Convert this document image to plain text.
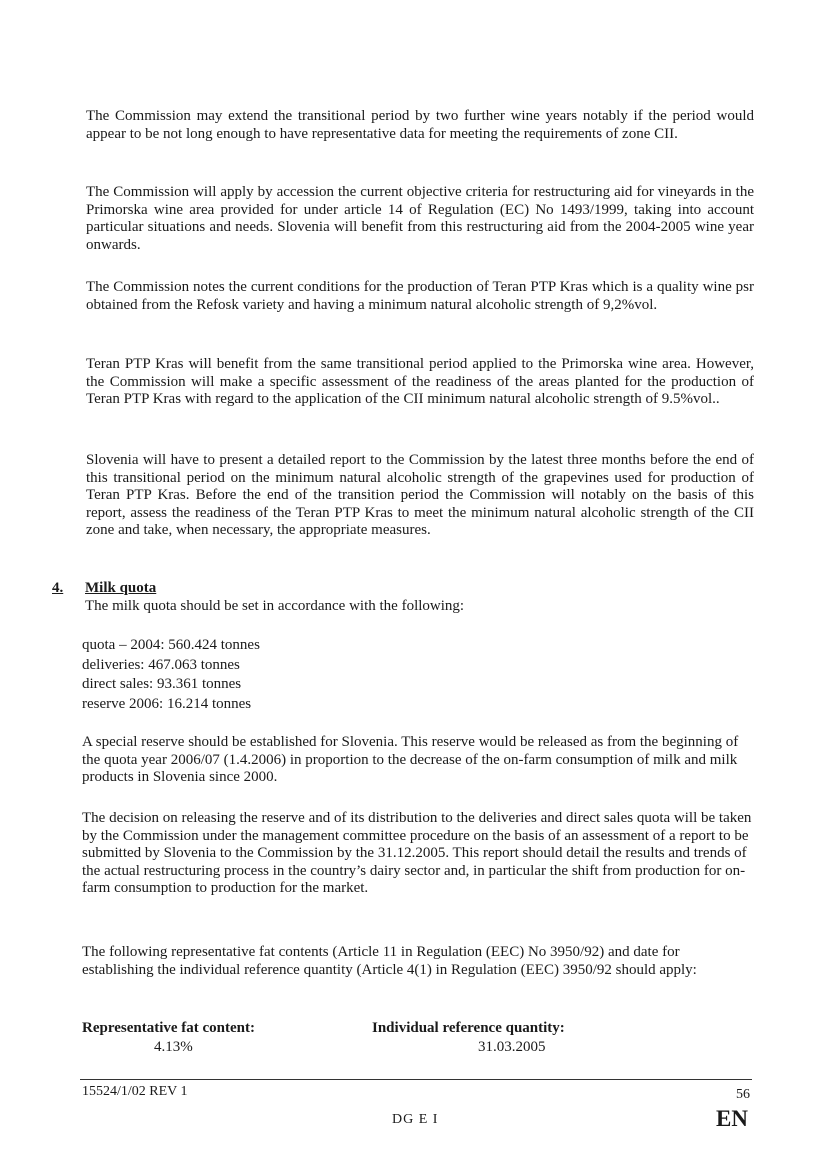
The Commission may extend the transitional period by two further wine years notably if the period would appear to be not long enough to have representative data for meeting the requirements of zone CII.
The Commission will apply by accession the current objective criteria for restructuring aid for vineyards in the Primorska wine area provided for under article 14 of Regulation (EC) No 1493/1999, taking into account particular situations and needs. Slovenia will benefit from this restructuring aid from the 2004-2005 wine year onwards.
The Commission notes the current conditions for the production of Teran PTP Kras which is a quality wine psr obtained from the Refosk variety and having a minimum natural alcoholic strength of 9,2%vol.
Teran PTP Kras will benefit from the same transitional period applied to the Primorska wine area. However, the Commission will make a specific assessment of the readiness of the areas planted for the production of Teran PTP Kras with regard to the application of the CII minimum natural alcoholic strength of 9.5%vol..
Slovenia will have to present a detailed report to the Commission by the latest three months before the end of this transitional period on the minimum natural alcoholic strength of the grapevines used for production of Teran PTP Kras. Before the end of the transition period the Commission will notably on the basis of this report, assess the readiness of the Teran PTP Kras to meet the minimum natural alcoholic strength of the CII zone and take, when necessary, the appropriate measures.
4. Milk quota
The milk quota should be set in accordance with the following:
quota – 2004: 560.424 tonnes
deliveries: 467.063 tonnes
direct sales: 93.361 tonnes
reserve 2006: 16.214 tonnes
A special reserve should be established for Slovenia. This reserve would be released as from the beginning of the quota year 2006/07 (1.4.2006) in proportion to the decrease of the on-farm consumption of milk and milk products in Slovenia since 2000.
The decision on releasing the reserve and of its distribution to the deliveries and direct sales quota will be taken by the Commission under the management committee procedure on the basis of an assessment of a report to be submitted by Slovenia to the Commission by the 31.12.2005. This report should detail the results and trends of the actual restructuring process in the country’s dairy sector and, in particular the shift from production for on-farm consumption to production for the market.
The following representative fat contents (Article 11 in Regulation (EEC) No 3950/92) and date for establishing the individual reference quantity (Article 4(1) in Regulation (EEC) 3950/92 should apply:
Representative fat content:
4.13%
Individual reference quantity:
31.03.2005
15524/1/02 REV 1	56
DG E I	EN
